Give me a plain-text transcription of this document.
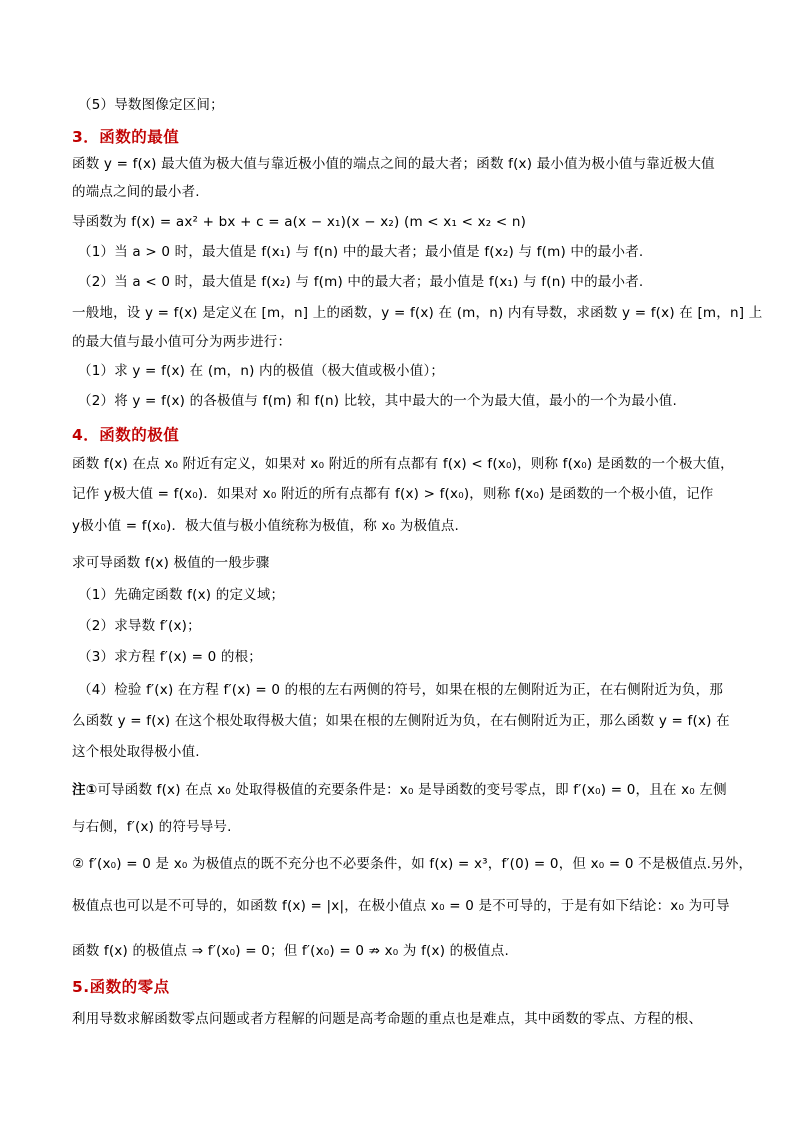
（5）导数图像定区间；
3．函数的最值
函数 y = f(x) 最大值为极大值与靠近极小值的端点之间的最大者；函数 f(x) 最小值为极小值与靠近极大值
的端点之间的最小者.
导函数为 f(x) = ax² + bx + c = a(x − x₁)(x − x₂) (m < x₁ < x₂ < n)
（1）当 a > 0 时，最大值是 f(x₁) 与 f(n) 中的最大者；最小值是 f(x₂) 与 f(m) 中的最小者.
（2）当 a < 0 时，最大值是 f(x₂) 与 f(m) 中的最大者；最小值是 f(x₁) 与 f(n) 中的最小者.
一般地，设 y = f(x) 是定义在 [m，n] 上的函数，y = f(x) 在 (m，n) 内有导数，求函数 y = f(x) 在 [m，n] 上
的最大值与最小值可分为两步进行：
（1）求 y = f(x) 在 (m，n) 内的极值（极大值或极小值）；
（2）将 y = f(x) 的各极值与 f(m) 和 f(n) 比较，其中最大的一个为最大值，最小的一个为最小值.
4．函数的极值
函数 f(x) 在点 x₀ 附近有定义，如果对 x₀ 附近的所有点都有 f(x) < f(x₀)，则称 f(x₀) 是函数的一个极大值，
记作 y极大值 = f(x₀)．如果对 x₀ 附近的所有点都有 f(x) > f(x₀)，则称 f(x₀) 是函数的一个极小值，记作
y极小值 = f(x₀)．极大值与极小值统称为极值，称 x₀ 为极值点.
求可导函数 f(x) 极值的一般步骤
（1）先确定函数 f(x) 的定义域；
（2）求导数 f′(x)；
（3）求方程 f′(x) = 0 的根；
（4）检验 f′(x) 在方程 f′(x) = 0 的根的左右两侧的符号，如果在根的左侧附近为正，在右侧附近为负，那
么函数 y = f(x) 在这个根处取得极大值；如果在根的左侧附近为负，在右侧附近为正，那么函数 y = f(x) 在
这个根处取得极小值.
注①可导函数 f(x) 在点 x₀ 处取得极值的充要条件是：x₀ 是导函数的变号零点，即 f′(x₀) = 0，且在 x₀ 左侧
与右侧，f′(x) 的符号导号.
② f′(x₀) = 0 是 x₀ 为极值点的既不充分也不必要条件，如 f(x) = x³，f′(0) = 0，但 x₀ = 0 不是极值点.另外，
极值点也可以是不可导的，如函数 f(x) = |x|，在极小值点 x₀ = 0 是不可导的，于是有如下结论：x₀ 为可导
函数 f(x) 的极值点 ⇒ f′(x₀) = 0；但 f′(x₀) = 0 ⇏ x₀ 为 f(x) 的极值点.
5.函数的零点
利用导数求解函数零点问题或者方程解的问题是高考命题的重点也是难点，其中函数的零点、方程的根、
